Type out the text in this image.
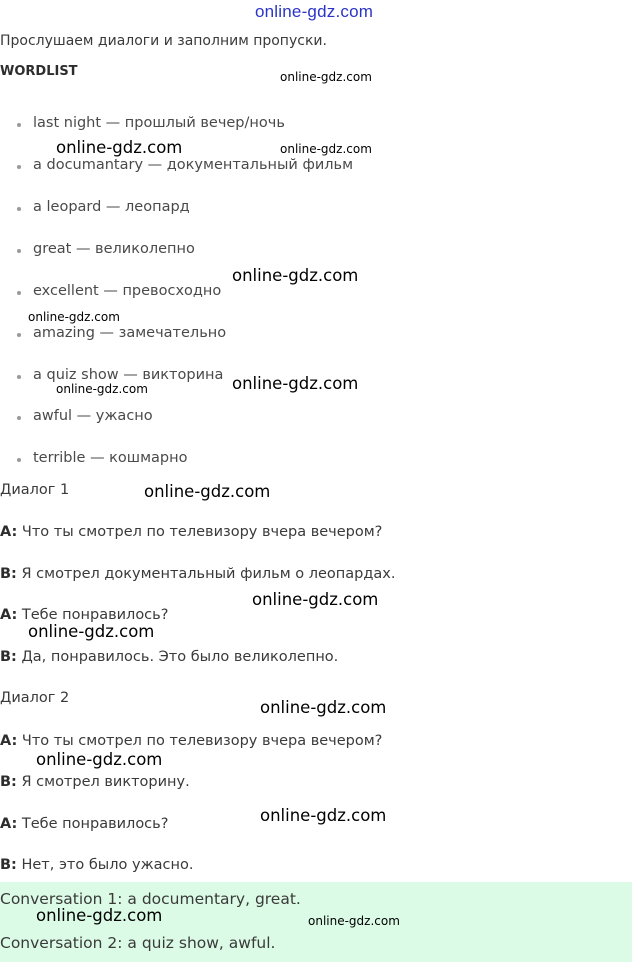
online-gdz.com
Прослушаем диалоги и заполним пропуски.
WORDLIST
last night — прошлый вечер/ночь
a documantary — документальный фильм
a leopard — леопард
great — великолепно
excellent — превосходно
amazing — замечательно
a quiz show — викторина
awful — ужасно
terrible — кошмарно
Диалог 1
A: Что ты смотрел по телевизору вчера вечером?
B: Я смотрел документальный фильм о леопардах.
A: Тебе понравилось?
B: Да, понравилось. Это было великолепно.
Диалог 2
A: Что ты смотрел по телевизору вчера вечером?
B: Я смотрел викторину.
A: Тебе понравилось?
B: Нет, это было ужасно.
Conversation 1: a documentary, great.
Conversation 2: a quiz show, awful.
online-gdz.com
online-gdz.com	online-gdz.com
online-gdz.com
online-gdz.com
online-gdz.com
online-gdz.com
online-gdz.com
online-gdz.com
online-gdz.com
online-gdz.com
online-gdz.com
online-gdz.com
online-gdz.com	online-gdz.com
